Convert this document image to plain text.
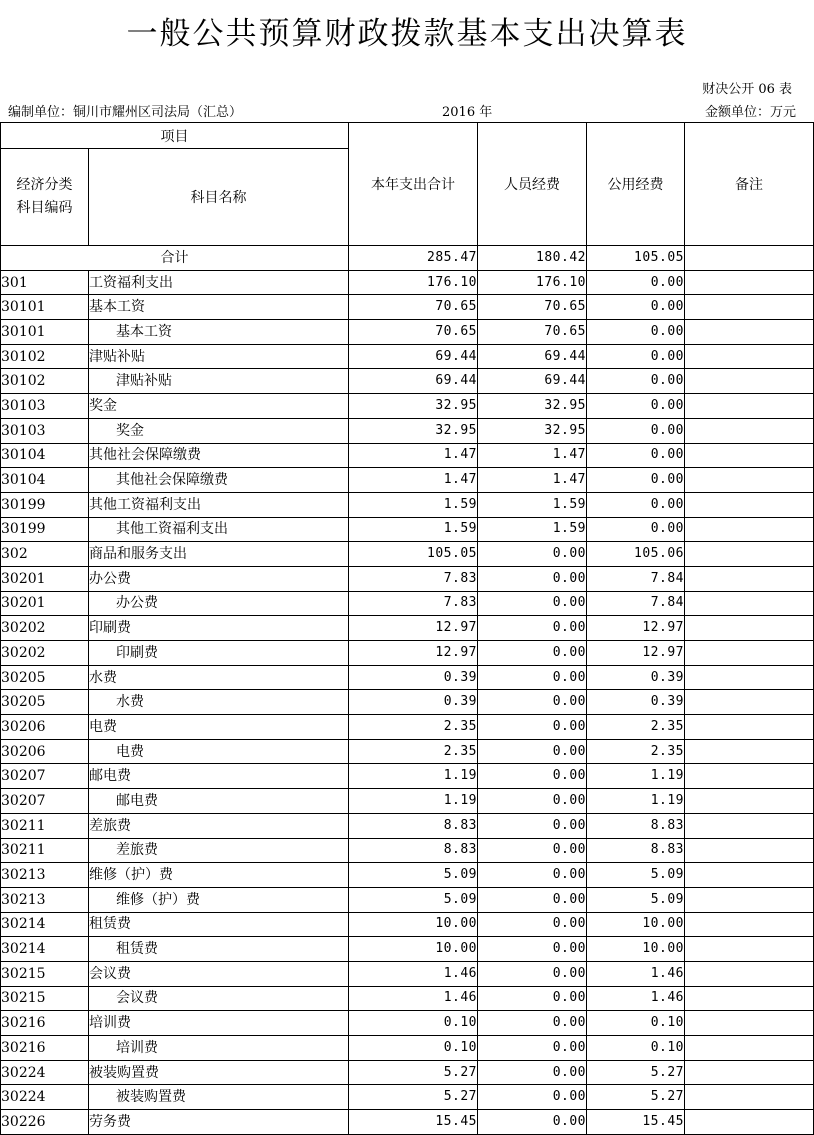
一般公共预算财政拨款基本支出决算表
财决公开 06 表
编制单位：铜川市耀州区司法局（汇总）	2016 年	金额单位：万元
项目		本年支出合计	人员经费	公用经费	备注
经济分类
科目编码	科目名称				
合计		285.47	180.42	105.05	
301	工资福利支出	176.10	176.10	0.00	
30101	基本工资	70.65	70.65	0.00	
30101	基本工资	70.65	70.65	0.00	
30102	津贴补贴	69.44	69.44	0.00	
30102	津贴补贴	69.44	69.44	0.00	
30103	奖金	32.95	32.95	0.00	
30103	奖金	32.95	32.95	0.00	
30104	其他社会保障缴费	1.47	1.47	0.00	
30104	其他社会保障缴费	1.47	1.47	0.00	
30199	其他工资福利支出	1.59	1.59	0.00	
30199	其他工资福利支出	1.59	1.59	0.00	
302	商品和服务支出	105.05	0.00	105.06	
30201	办公费	7.83	0.00	7.84	
30201	办公费	7.83	0.00	7.84	
30202	印刷费	12.97	0.00	12.97	
30202	印刷费	12.97	0.00	12.97	
30205	水费	0.39	0.00	0.39	
30205	水费	0.39	0.00	0.39	
30206	电费	2.35	0.00	2.35	
30206	电费	2.35	0.00	2.35	
30207	邮电费	1.19	0.00	1.19	
30207	邮电费	1.19	0.00	1.19	
30211	差旅费	8.83	0.00	8.83	
30211	差旅费	8.83	0.00	8.83	
30213	维修（护）费	5.09	0.00	5.09	
30213	维修（护）费	5.09	0.00	5.09	
30214	租赁费	10.00	0.00	10.00	
30214	租赁费	10.00	0.00	10.00	
30215	会议费	1.46	0.00	1.46	
30215	会议费	1.46	0.00	1.46	
30216	培训费	0.10	0.00	0.10	
30216	培训费	0.10	0.00	0.10	
30224	被装购置费	5.27	0.00	5.27	
30224	被装购置费	5.27	0.00	5.27	
30226	劳务费	15.45	0.00	15.45	
